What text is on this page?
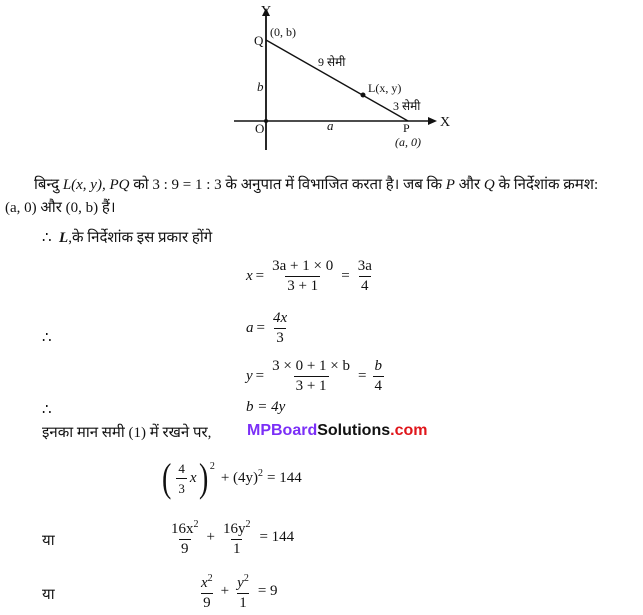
Y
X
Q
(0, b)
O	P
(a, 0)
L(x, y)
9 सेमी
3 सेमी
b
a
बिन्दु L(x, y), PQ को 3 : 9 = 1 : 3 के अनुपात में विभाजित करता है। जब कि P और Q के निर्देशांक क्रमश:
(a, 0) और (0, b) हैं।
∴ L,के निर्देशांक इस प्रकार होंगे
$x = \frac{3a + 1 \times 0}{3 + 1} = \frac{3a}{4}$
∴
$a = \frac{4x}{3}$
$y = \frac{3 \times 0 + 1 \times b}{3 + 1} = \frac{b}{4}$
∴	b = 4y
इनका मान समी (1) में रखने पर, MPBoardSolutions.com
( $\frac{4}{3}$ x )$^2$
+ $(4y)^2 = 144$
या	$\frac{16x^2}{9} + \frac{16y^2}{1} = 144$
या	$\frac{x^2}{9} + \frac{y^2}{1} = 9$
